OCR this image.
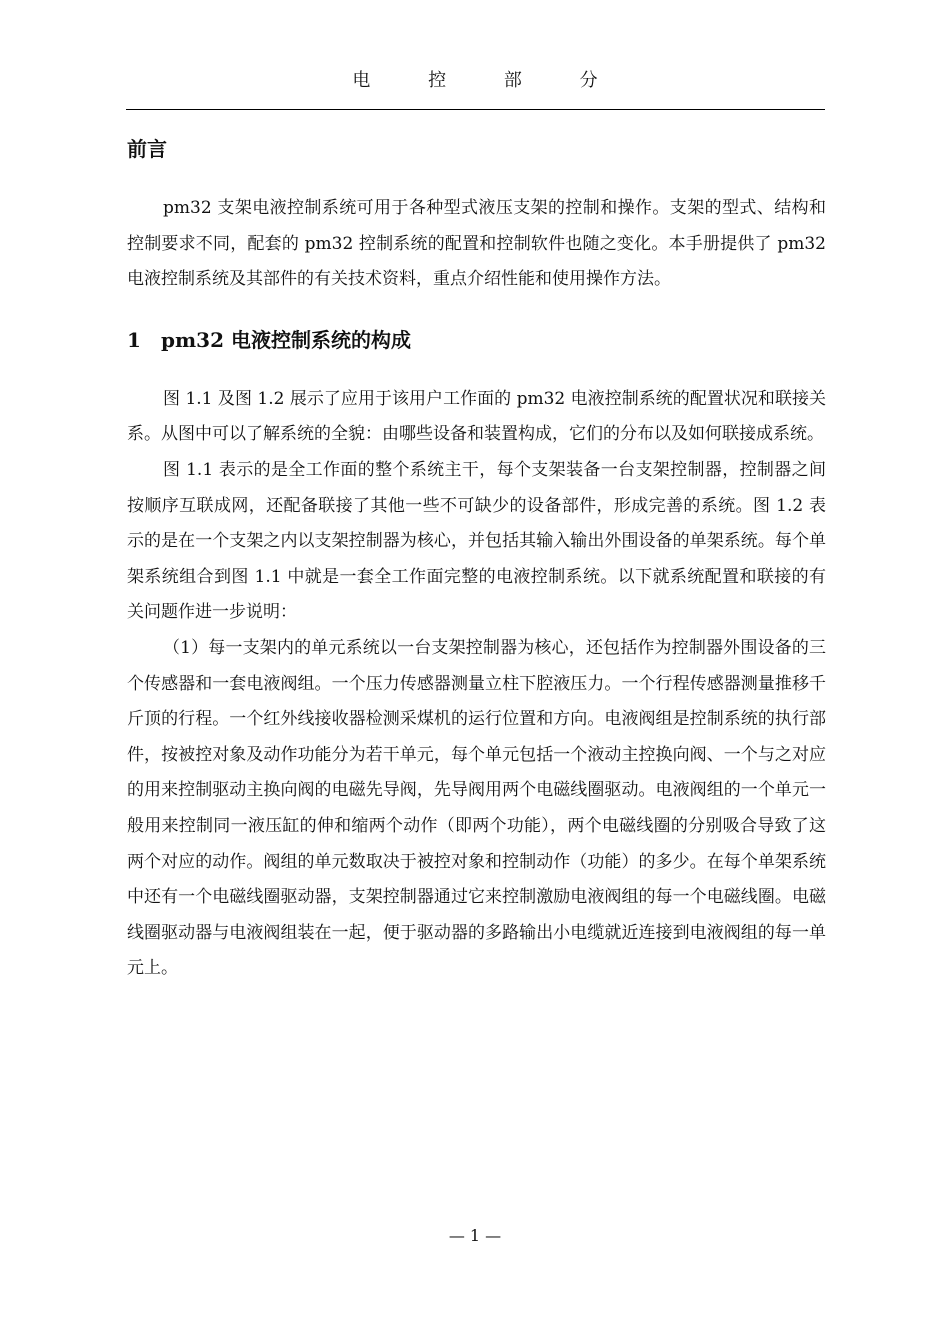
电 控 部 分
前言

pm32 支架电液控制系统可用于各种型式液压支架的控制和操作。支架的型式、结构和控制要求不同，配套的 pm32 控制系统的配置和控制软件也随之变化。本手册提供了 pm32 电液控制系统及其部件的有关技术资料，重点介绍性能和使用操作方法。

1	pm32 电液控制系统的构成

图 1.1 及图 1.2 展示了应用于该用户工作面的 pm32 电液控制系统的配置状况和联接关系。从图中可以了解系统的全貌：由哪些设备和装置构成，它们的分布以及如何联接成系统。

图 1.1 表示的是全工作面的整个系统主干，每个支架装备一台支架控制器，控制器之间按顺序互联成网，还配备联接了其他一些不可缺少的设备部件，形成完善的系统。图 1.2 表示的是在一个支架之内以支架控制器为核心，并包括其输入输出外围设备的单架系统。每个单架系统组合到图 1.1 中就是一套全工作面完整的电液控制系统。以下就系统配置和联接的有关问题作进一步说明：

（1）每一支架内的单元系统以一台支架控制器为核心，还包括作为控制器外围设备的三个传感器和一套电液阀组。一个压力传感器测量立柱下腔液压力。一个行程传感器测量推移千斤顶的行程。一个红外线接收器检测采煤机的运行位置和方向。电液阀组是控制系统的执行部件，按被控对象及动作功能分为若干单元，每个单元包括一个液动主控换向阀、一个与之对应的用来控制驱动主换向阀的电磁先导阀，先导阀用两个电磁线圈驱动。电液阀组的一个单元一般用来控制同一液压缸的伸和缩两个动作（即两个功能），两个电磁线圈的分别吸合导致了这两个对应的动作。阀组的单元数取决于被控对象和控制动作（功能）的多少。在每个单架系统中还有一个电磁线圈驱动器，支架控制器通过它来控制激励电液阀组的每一个电磁线圈。电磁线圈驱动器与电液阀组装在一起，便于驱动器的多路输出小电缆就近连接到电液阀组的每一单元上。

— 1 —
